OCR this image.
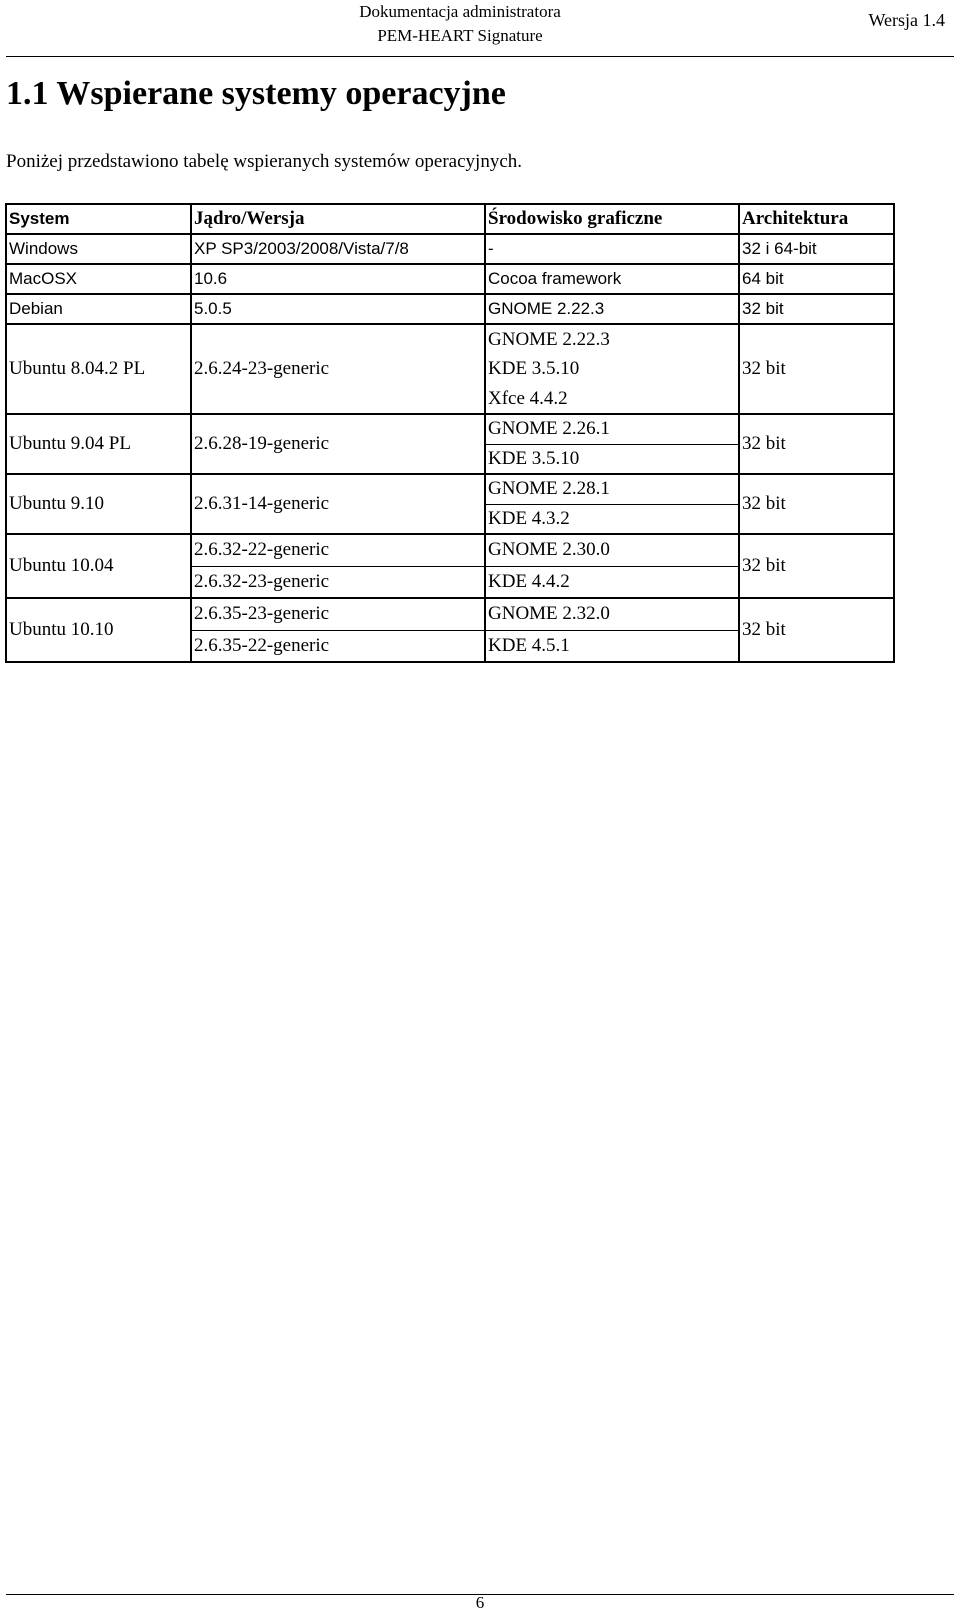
Dokumentacja administratora
PEM-HEART Signature
Wersja 1.4
1.1 Wspierane systemy operacyjne

Poniżej przedstawiono tabelę wspieranych systemów operacyjnych.

System	Jądro/Wersja	Środowisko graficzne	Architektura
Windows	XP SP3/2003/2008/Vista/7/8	-	32 i 64-bit
MacOSX	10.6	Cocoa framework	64 bit
Debian	5.0.5	GNOME 2.22.3	32 bit
Ubuntu 8.04.2 PL	2.6.24-23-generic	GNOME 2.22.3	32 bit
		KDE 3.5.10	
		Xfce 4.4.2	
Ubuntu 9.04 PL	2.6.28-19-generic	GNOME 2.26.1	32 bit
		KDE 3.5.10	
Ubuntu 9.10	2.6.31-14-generic	GNOME 2.28.1	32 bit
		KDE 4.3.2	
Ubuntu 10.04	2.6.32-22-generic	GNOME 2.30.0	32 bit
	2.6.32-23-generic	KDE 4.4.2	
Ubuntu 10.10	2.6.35-23-generic	GNOME 2.32.0	32 bit
	2.6.35-22-generic	KDE 4.5.1	
6
